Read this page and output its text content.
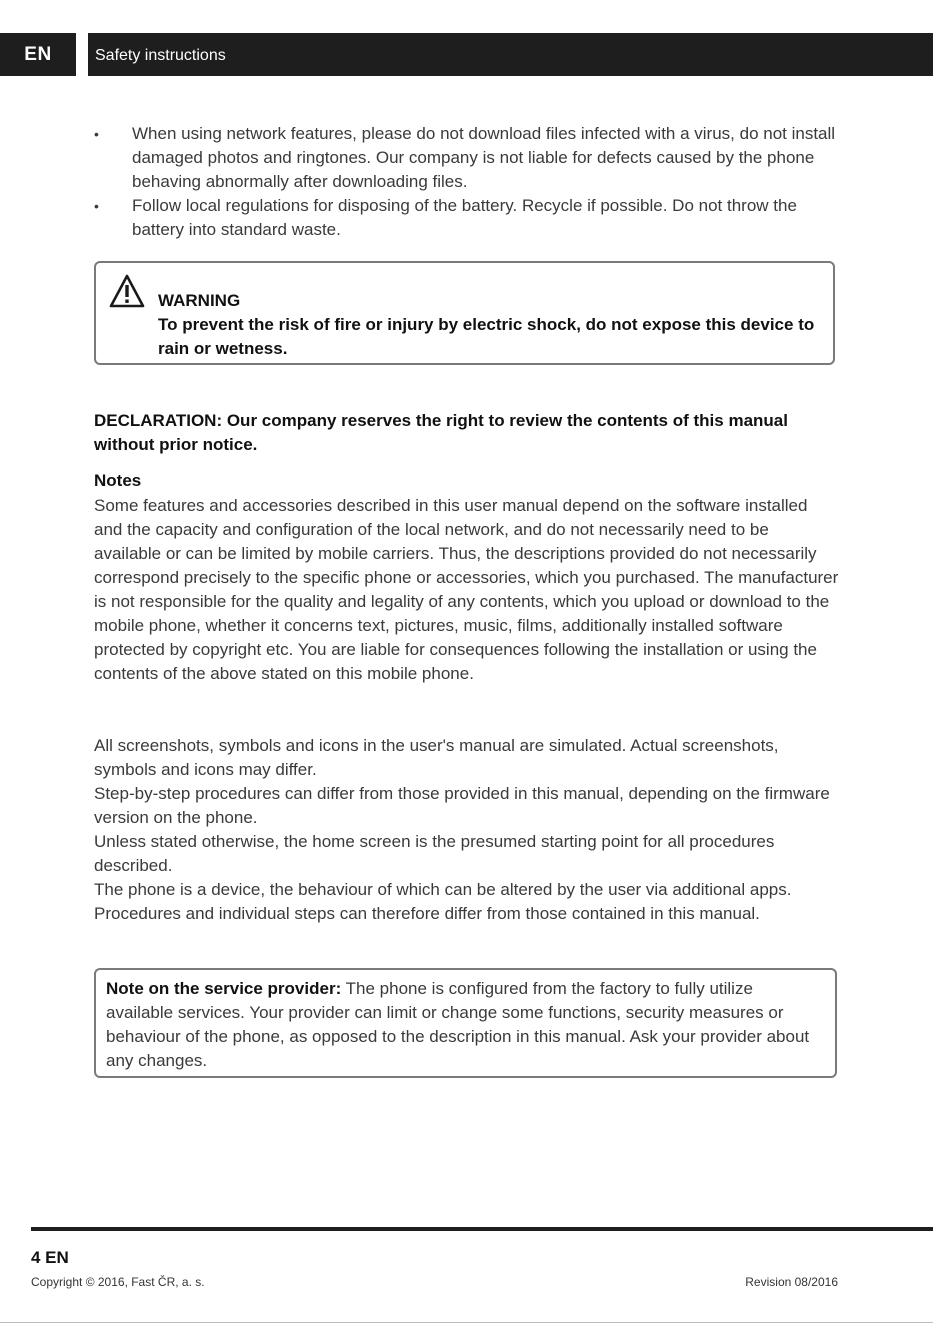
EN	Safety instructions
• When using network features, please do not download files infected with a virus, do not install damaged photos and ringtones. Our company is not liable for defects caused by the phone behaving abnormally after downloading files.
• Follow local regulations for disposing of the battery. Recycle if possible. Do not throw the battery into standard waste.
WARNING
To prevent the risk of fire or injury by electric shock, do not expose this device to rain or wetness.
DECLARATION: Our company reserves the right to review the contents of this manual without prior notice.
Notes
Some features and accessories described in this user manual depend on the software installed and the capacity and configuration of the local network, and do not necessarily need to be available or can be limited by mobile carriers. Thus, the descriptions provided do not necessarily correspond precisely to the specific phone or accessories, which you purchased. The manufacturer is not responsible for the quality and legality of any contents, which you upload or download to the mobile phone, whether it concerns text, pictures, music, films, additionally installed software protected by copyright etc. You are liable for consequences following the installation or using the contents of the above stated on this mobile phone.

All screenshots, symbols and icons in the user's manual are simulated. Actual screenshots, symbols and icons may differ.

Step-by-step procedures can differ from those provided in this manual, depending on the firmware version on the phone.

Unless stated otherwise, the home screen is the presumed starting point for all procedures described.

The phone is a device, the behaviour of which can be altered by the user via additional apps. Procedures and individual steps can therefore differ from those contained in this manual.

Note on the service provider: The phone is configured from the factory to fully utilize available services. Your provider can limit or change some functions, security measures or behaviour of the phone, as opposed to the description in this manual. Ask your provider about any changes.
4 EN
Copyright © 2016, Fast ČR, a. s.	Revision 08/2016
